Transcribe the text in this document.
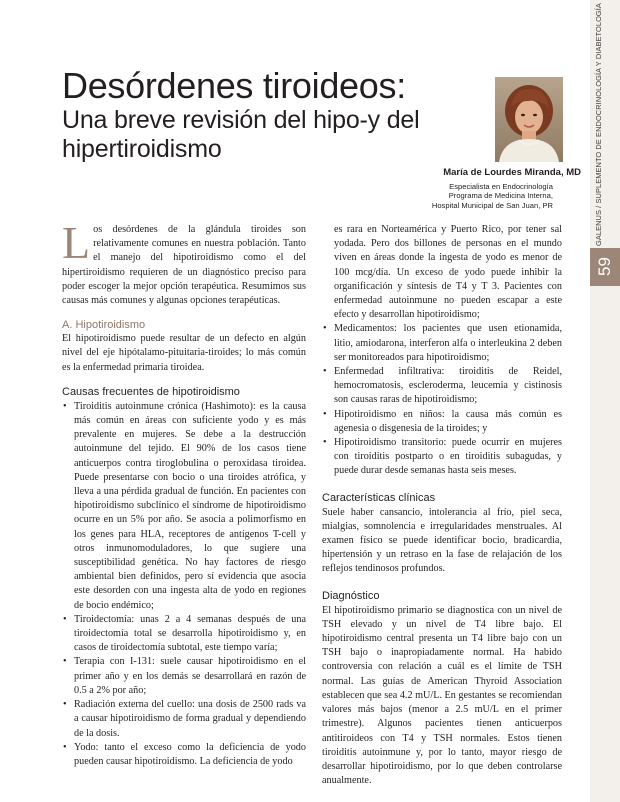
GALENUS / SUPLEMENTO DE ENDOCRINOLOGÍA Y DIABETOLOGÍA
59
Desórdenes tiroideos:
Una breve revisión del hipo-y del hipertiroidismo
María de Lourdes Miranda, MD
Especialista en Endocrinología
Programa de Medicina Interna,
Hospital Municipal de San Juan, PR

Los desórdenes de la glándula tiroides son relativamente comunes en nuestra población. Tanto el manejo del hipotiroidismo como el del hipertiroidismo requieren de un diagnóstico preciso para poder escoger la mejor opción terapéutica. Resumimos sus causas más comunes y algunas opciones terapéuticas.

A. Hipotiroidismo

El hipotiroidismo puede resultar de un defecto en algún nivel del eje hipótalamo-pituitaria-tiroides; lo más común es la enfermedad primaria tiroidea.

Causas frecuentes de hipotiroidismo
• Tiroiditis autoinmune crónica (Hashimoto): es la causa más común en áreas con suficiente yodo y es más prevalente en mujeres. Se debe a la destrucción autoinmune del tejido. El 90% de los casos tiene anticuerpos contra tiroglobulina o peroxidasa tiroidea. Puede presentarse con bocio o una tiroides atrófica, y lleva a una pérdida gradual de función. En pacientes con hipotiroidismo subclínico el síndrome de hipotiroidismo ocurre en un 5% por año. Se asocia a polimorfismo en los genes para HLA, receptores de antígenos T-cell y otros inmunomoduladores, lo que sugiere una susceptibilidad genética. No hay factores de riesgo ambiental bien definidos, pero sí evidencia que asocia este desorden con una ingesta alta de yodo en regiones de bocio endémico;
• Tiroidectomía: unas 2 a 4 semanas después de una tiroidectomía total se desarrolla hipotiroidismo y, en casos de tiroidectomía subtotal, este tiempo varía;
• Terapia con I-131: suele causar hipotiroidismo en el primer año y en los demás se desarrollará en razón de 0.5 a 2% por año;
• Radiación externa del cuello: una dosis de 2500 rads va a causar hipotiroidismo de forma gradual y dependiendo de la dosis.
• Yodo: tanto el exceso como la deficiencia de yodo pueden causar hipotiroidismo. La deficiencia de yodo

es rara en Norteamérica y Puerto Rico, por tener sal yodada. Pero dos billones de personas en el mundo viven en áreas donde la ingesta de yodo es menor de 100 mcg/día. Un exceso de yodo puede inhibir la organificación y síntesis de T4 y T 3. Pacientes con enfermedad autoinmune no pueden escapar a este efecto y desarrollan hipotiroidismo;

• Medicamentos: los pacientes que usen etionamida, litio, amiodarona, interferon alfa o interleukina 2 deben ser monitoreados para hipotiroidismo;
• Enfermedad infiltrativa: tiroiditis de Reidel, hemocromatosis, escleroderma, leucemia y cistinosis son causas raras de hipotiroidismo;
• Hipotiroidismo en niños: la causa más común es agenesia o disgenesia de la tiroides; y
• Hipotiroidismo transitorio: puede ocurrir en mujeres con tiroiditis postparto o en tiroiditis subagudas, y puede durar desde semanas hasta seis meses.
Características clínicas

Suele haber cansancio, intolerancia al frío, piel seca, mialgias, somnolencia e irregularidades menstruales. Al examen físico se puede identificar bocio, bradicardia, hipertensión y un retraso en la fase de relajación de los reflejos tendinosos profundos.

Diagnóstico

El hipotiroidismo primario se diagnostica con un nivel de TSH elevado y un nivel de T4 libre bajo. El hipotiroidismo central presenta un T4 libre bajo con un TSH bajo o inapropiadamente normal. Ha habido controversia con relación a cuál es el límite de TSH normal. Las guías de American Thyroid Association establecen que sea 4.2 mU/L. En gestantes se recomiendan valores más bajos (menor a 2.5 mU/L en el primer trimestre). Algunos pacientes tienen anticuerpos antitiroideos con T4 y TSH normales. Estos tienen tiroiditis autoinmune y, por lo tanto, mayor riesgo de desarrollar hipotiroidismo, por lo que deben controlarse anualmente.
